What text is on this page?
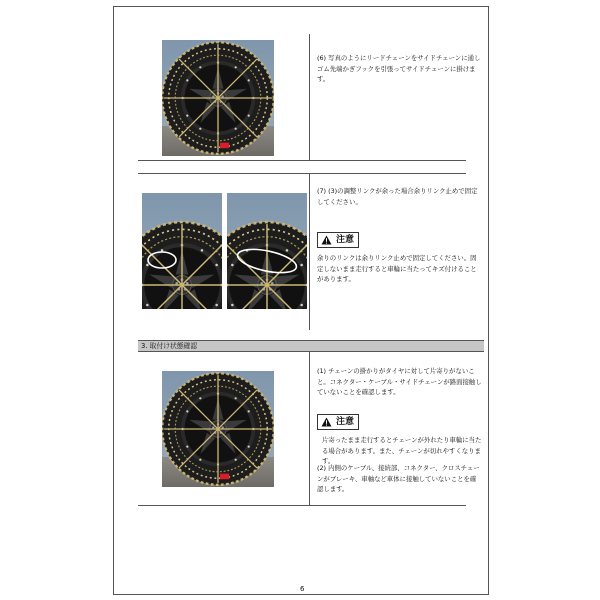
(6) 写真のようにリードチェーンをサイドチェーンに通しゴム先端かぎフックを引張ってサイドチェーンに掛けます。

(7) (3)の調整リンクが余った場合余りリンク止めで固定してください。

注意

余りのリンクは余りリンク止めで固定してください。固定しないまま走行すると車輪に当たってキズ付けることがあります。

3. 取付け状態確認

(1) チェーンの掛かりがタイヤに対して片寄りがないこと。コネクター・ケーブル・サイドチェーンが路面接触していないことを確認します。

注意

片寄ったまま走行するとチェーンが外れたり車輪に当たる場合があります。また、チェーンが切れやすくなります。

(2) 内側のケーブル、接続部、コネクター、クロスチェーンがブレーキ、車軸など車体に接触していないことを確認します。

6
